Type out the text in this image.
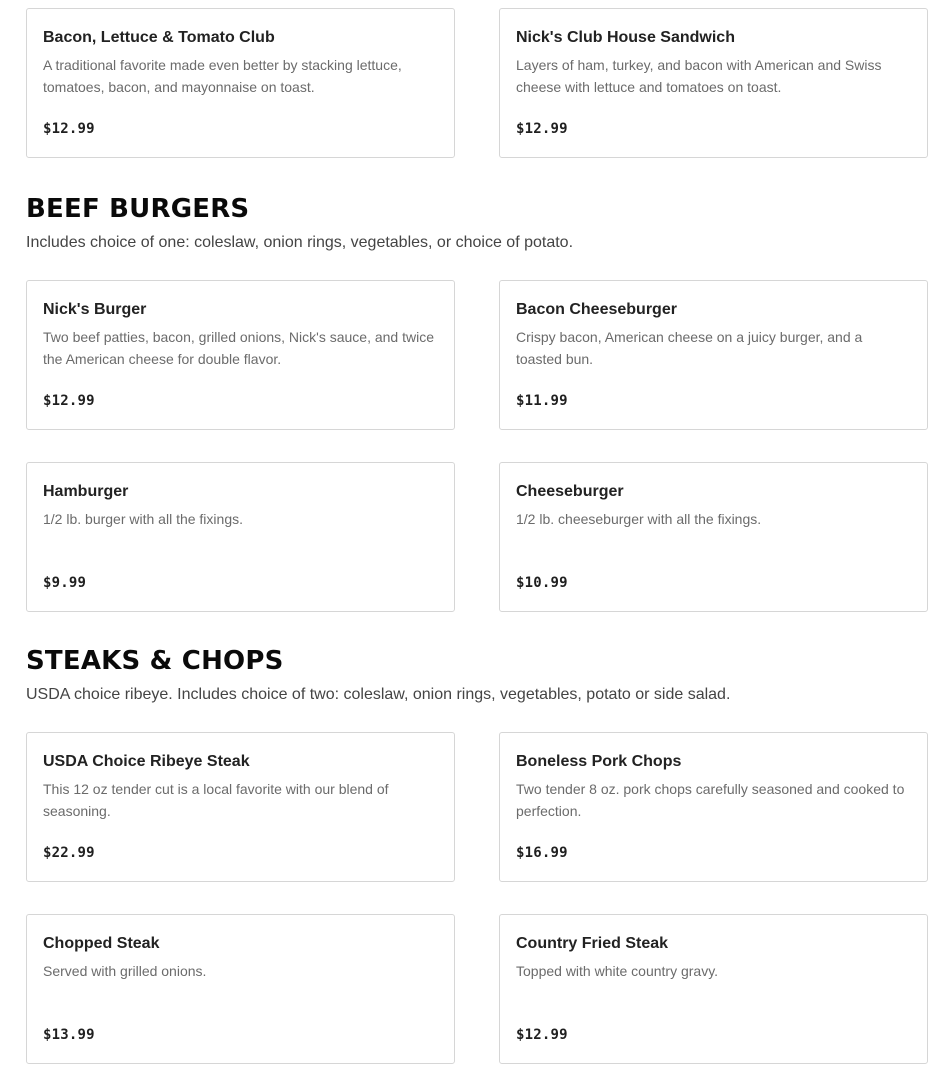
Bacon, Lettuce & Tomato Club
A traditional favorite made even better by stacking lettuce, tomatoes, bacon, and mayonnaise on toast.
$12.99
Nick's Club House Sandwich
Layers of ham, turkey, and bacon with American and Swiss cheese with lettuce and tomatoes on toast.
$12.99
BEEF BURGERS

Includes choice of one: coleslaw, onion rings, vegetables, or choice of potato.

Nick's Burger
Two beef patties, bacon, grilled onions, Nick's sauce, and twice the American cheese for double flavor.
$12.99
Bacon Cheeseburger
Crispy bacon, American cheese on a juicy burger, and a toasted bun.
$11.99
Hamburger
1/2 lb. burger with all the fixings.
$9.99
Cheeseburger
1/2 lb. cheeseburger with all the fixings.
$10.99
STEAKS & CHOPS

USDA choice ribeye. Includes choice of two: coleslaw, onion rings, vegetables, potato or side salad.

USDA Choice Ribeye Steak
This 12 oz tender cut is a local favorite with our blend of seasoning.
$22.99
Boneless Pork Chops
Two tender 8 oz. pork chops carefully seasoned and cooked to perfection.
$16.99
Chopped Steak
Served with grilled onions.
$13.99
Country Fried Steak
Topped with white country gravy.
$12.99
